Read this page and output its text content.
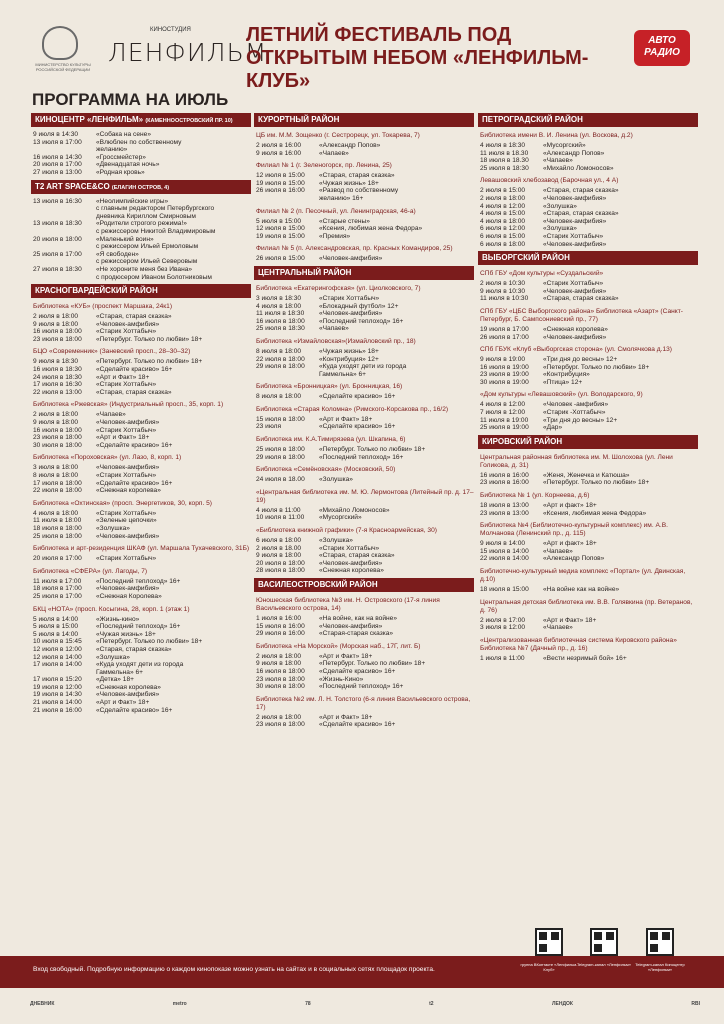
МИНИСТЕРСТВО КУЛЬТУРЫ РОССИЙСКОЙ ФЕДЕРАЦИИ
КИНОСТУДИЯ
ЛЕНФИЛЬМ
ЛЕТНИЙ ФЕСТИВАЛЬ ПОД
ОТКРЫТЫМ НЕБОМ «ЛЕНФИЛЬМ-КЛУБ»
АВТО
РАДИО
ПРОГРАММА НА ИЮЛЬ
КИНОЦЕНТР «ЛЕНФИЛЬМ» (КАМЕННООСТРОВСКИЙ ПР. 10)
9 июля в 14:30	«Собака на сене»
13 июля в 17:00	«Влюблен по собственному
желанию»
16 июля в 14:30	«Гроссмейстер»
20 июля в 17:00	«Двенадцатая ночь»
27 июля в 13:00	«Родная кровь»
T2 ART SPACE&CO (ЕЛАГИН ОСТРОВ, 4)
13 июля в 16:30	«Неолимпийские игры»
с главным редактором Петербургского
дневника Кириллом Смирновым
13 июля в 18:30	«Родители строгого режима!»
с режиссером Никитой Владимировым
20 июля в 18:00	«Маленький воин»
с режиссером Ильей Ермоловым
25 июля в 17:00	«Я свободен»
с режиссером Ильей Северовым
27 июля в 18:30	«Не хороните меня без Ивана»
с продюсером Иваном Болотниковым
КРАСНОГВАРДЕЙСКИЙ РАЙОН
Библиотека «КУБ» (проспект Маршака, 24к1)
2 июля в 18:00	«Старая, старая сказка»
9 июля в 18:00	«Человек-амфибия»
16 июля в 18:00	«Старик Хоттабыч»
23 июля в 18:00	«Петербург. Только по любви» 18+
БЦО «Современник» (Заневский просп., 28–30–32)
9 июля в 18:30	«Петербург. Только по любви» 18+
16 июля в 18:30	«Сделайте красиво» 16+
24 июля в 18:30	«Арт и Факт» 18+
17 июля в 16:30	«Старик Хоттабыч»
22 июля в 13:00	«Старая, старая сказка»
Библиотека «Ржевская» (Индустриальный просп., 35, корп. 1)
2 июля в 18:00	«Чапаев»
9 июля в 18:00	«Человек-амфибия»
16 июля в 18:00	«Старик Хоттабыч»
23 июля в 18:00	«Арт и Факт» 18+
30 июля в 18:00	«Сделайте красиво» 16+
Библиотека «Пороховская» (ул. Лазо, 8, корп. 1)
3 июля в 18:00	«Человек-амфибия»
8 июля в 18:00	«Старик Хоттабыч»
17 июля в 18:00	«Сделайте красиво» 16+
22 июля в 18:00	«Снежная королева»
Библиотека «Охтинская» (просп. Энергетиков, 30, корп. 5)
4 июля в 18:00	«Старик Хоттабыч»
11 июля в 18:00	«Зеленые цепочки»
18 июля в 18:00	«Золушка»
25 июля в 18:00	«Человек-амфибия»
Библиотека и арт-резиденция ШКАФ (ул. Маршала Тухачевского, 31Б)
20 июля в 17:00	«Старик Хоттабыч»
Библиотека «СФЕРА» (ул. Лагоды, 7)
11 июля в 17:00	«Последний теплоход» 16+
18 июля в 17:00	«Человек-амфибия»
25 июля в 17:00	«Снежная Королева»
БКЦ «НОТА» (просп. Косыгина, 28, корп. 1 (этаж 1)
5 июля в 14:00	«Жизнь-кино»
5 июля в 15:00	«Последний теплоход» 16+
5 июля в 14:00	«Чужая жизнь» 18+
10 июля в 15:45	«Петербург. Только по любви» 18+
12 июля в 12:00	«Старая, старая сказка»
12 июля в 14:00	«Золушка»
17 июля в 14:00	«Куда уходят дети из города
Гаммельна» 6+
17 июля в 15:20	«Детка» 18+
19 июля в 12:00	«Снежная королева»
19 июля в 14:30	«Человек-амфибия»
21 июля в 14:00	«Арт и Факт» 18+
21 июля в 16:00	«Сделайте красиво» 16+
КУРОРТНЫЙ РАЙОН
ЦБ им. М.М. Зощенко (г. Сестрорецк, ул. Токарева, 7)
2 июля в 16:00	«Александр Попов»
9 июля в 16:00	«Чапаев»
Филиал № 1 (г. Зеленогорск, пр. Ленина, 25)
12 июля в 15:00	«Старая, старая сказка»
19 июля в 15:00	«Чужая жизнь» 18+
26 июля в 16:00	«Развод по собственному
желанию» 16+
Филиал № 2 (п. Песочный, ул. Ленинградская, 46-а)
5 июля в 15:00	«Старые стены»
12 июля в 15:00	«Ксения, любимая жена Федора»
19 июля в 15:00	«Премия»
Филиал № 5 (п. Александровская, пр. Красных Командиров, 25)
26 июля в 15:00	«Человек-амфибия»
ЦЕНТРАЛЬНЫЙ РАЙОН
Библиотека «Екатерингофская» (ул. Циолковского, 7)
3 июля в 18:30	«Старик Хоттабыч»
4 июля в 18:00	«Блокадный футбол» 12+
11 июля в 18:30	«Человек-амфибия»
16 июля в 18:00	«Последний теплоход» 16+
25 июля в 18:30	«Чапаев»
Библиотека «Измайловская»(Измайловский пр., 18)
8 июля в 18:00	«Чужая жизнь» 18+
22 июля в 18:00	«Контрибуция» 12+
29 июля в 18:00	«Куда уходят дети из города
Гаммельна» 6+
Библиотека «Бронницкая» (ул. Бронницкая, 16)
8 июля в 18:00	«Сделайте красиво» 16+
Библиотека «Старая Коломна» (Римского-Корсакова пр., 16/2)
15 июля в 18:00	«Арт и Факт» 18+
23 июля	«Сделайте красиво» 16+
Библиотека им. К.А.Тимирязева (ул. Шкапина, 6)
25 июля в 18:00	«Петербург. Только по любви» 18+
29 июля в 18:00	«Последний теплоход» 16+
Библиотека «Семёновская» (Московский, 50)
24 июля в 18.00	«Золушка»
«Центральная библиотека им. М. Ю. Лермонтова (Литейный пр. д. 17–19)
4 июля в 11:00	«Михайло Ломоносов»
10 июля в 11:00	«Мусоргский»
«Библиотека книжной графики» (7-я Красноармейская, 30)
6 июля в 18:00	«Золушка»
2 июля в 18.00	«Старик Хоттабыч»
9 июля в 18:00	«Старая, старая сказка»
20 июля в 18:00	«Человек-амфибия»
28 июля в 18:00	«Снежная королева»
ВАСИЛЕОСТРОВСКИЙ РАЙОН
Юношеская библиотека №3 им. Н. Островского (17-я линия Васильевского острова, 14)
1 июля в 16:00	«На войне, как на войне»
15 июля в 16:00	«Человек-амфибия»
29 июля в 16:00	«Старая-старая сказка»
Библиотека «На Морской» (Морская наб., 17Г, лит. Б)
2 июля в 18:00	«Арт и Факт» 18+
9 июля в 18:00	«Петербург. Только по любви» 18+
16 июля в 18:00	«Сделайте красиво» 16+
23 июля в 18:00	«Жизнь-Кино»
30 июля в 18:00	«Последний теплоход» 16+
Библиотека №2 им. Л. Н. Толстого (6-я линия Васильевского острова, 17)
2 июля в 18:00	«Арт и Факт» 18+
23 июля в 18:00	«Сделайте красиво» 16+
ПЕТРОГРАДСКИЙ РАЙОН
Библиотека имени В. И. Ленина (ул. Воскова, д.2)
4 июля в 18:30	«Мусоргский»
11 июля в 18.30	«Александр Попов»
18 июля в 18.30	«Чапаев»
25 июля в 18:30	«Михайло Ломоносов»
Левашовский хлебозавод (Барочная ул., 4 А)
2 июля в 15:00	«Старая, старая сказка»
2 июля в 18:00	«Человек-амфибия»
4 июля в 12:00	«Золушка»
4 июля в 15:00	«Старая, старая сказка»
4 июля в 18:00	«Человек-амфибия»
6 июля в 12:00	«Золушка»
6 июля в 15:00	«Старик Хоттабыч»
6 июля в 18:00	«Человек-амфибия»
ВЫБОРГСКИЙ РАЙОН
СПб ГБУ «Дом культуры «Суздальский»
2 июля в 10:30	«Старик Хоттабыч»
9 июля в 10:30	«Человек-амфибия»
11 июля в 10:30	«Старая, старая сказка»
СПб ГБУ «ЦБС Выборгского района» Библиотека «Азарт» (Санкт-Петербург, Б. Сампсониевский пр., 77)
19 июля в 17:00	«Снежная королева»
26 июля в 17:00	«Человек-амфибия»
СПб ГБУК «Клуб «Выборгская сторона» (ул. Смолячкова д.13)
9 июля в 19:00	«Три дня до весны» 12+
16 июля в 19:00	«Петербург. Только по любви» 18+
23 июля в 19:00	«Контрибуция»
30 июля в 19:00	«Птица» 12+
«Дом культуры «Левашовский» (ул. Володарского, 9)
4 июля в 12:00	«Человек -амфибия»
7 июля в 12:00	«Старик -Хоттабыч»
11 июля в 19:00	«Три дня до весны» 12+
25 июля в 19:00	«Дар»
КИРОВСКИЙ РАЙОН
Центральная районная библиотека им. М. Шолохова (ул. Лени Голикова, д. 31)
16 июля в 16:00	«Женя, Женечка и Катюша»
23 июля в 16:00	«Петербург. Только по любви» 18+
Библиотека № 1 (ул. Корнеева, д.6)
18 июля в 13:00	«Арт и факт» 18+
23 июля в 13:00	«Ксения, любимая жена Федора»
Библиотека №4 (Библиотечно-культурный комплекс) им. А.В. Молчанова (Ленинский пр., д. 115)
9 июля в 14:00	«Арт и факт» 18+
15 июля в 14:00	«Чапаев»
22 июля в 14:00	«Александр Попов»
Библиотечно-культурный медиа комплекс «Портал» (ул. Двинская, д.10)
18 июля в 15:00	«На войне как на войне»
Центральная детская библиотека им. В.В. Голявкина (пр. Ветеранов, д. 76)
2 июля в 17:00	«Арт и Факт» 18+
3 июля в 12:00	«Чапаев»
«Централизованная библиотечная система Кировского района» Библиотека №7 (Дачный пр., д. 16)
1 июля в 11:00	«Вести незримый бой» 16+
Вход свободный. Подробную информацию о каждом кинопоказе можно узнать на сайтах и в социальных сетях площадок проекта.
группа ВКонтакте «Ленфильм-Клуб»
Telegram-канал «Ленфильм»	Telegram-канал Киноцентр «Ленфильм»
ДНЕВНИК	metro	78	t2	ЛЕНДОК	RBI
